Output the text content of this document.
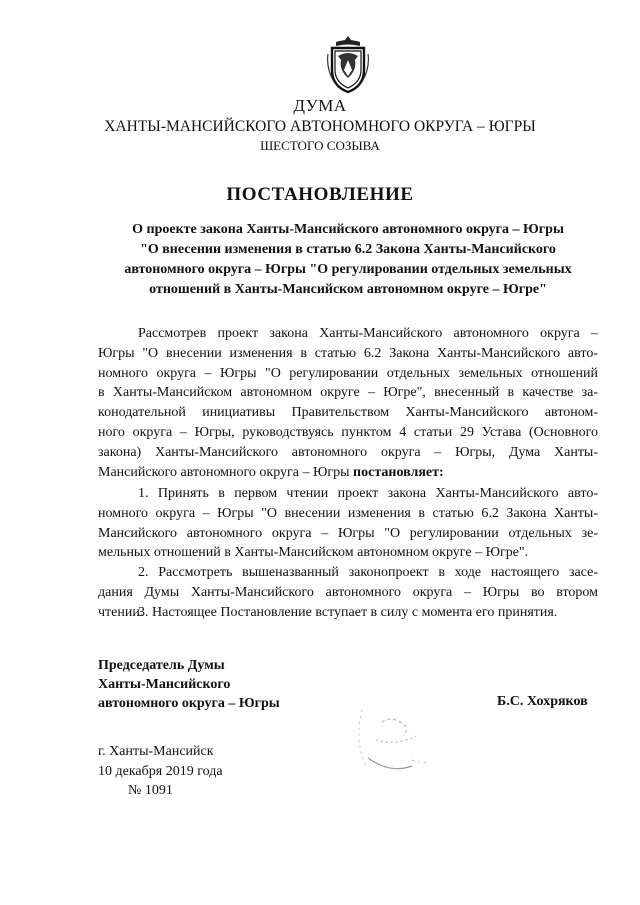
ДУМА
ХАНТЫ-МАНСИЙСКОГО АВТОНОМНОГО ОКРУГА – ЮГРЫ
ШЕСТОГО СОЗЫВА
ПОСТАНОВЛЕНИЕ
О проекте закона Ханты-Мансийского автономного округа – Югры
"О внесении изменения в статью 6.2 Закона Ханты-Мансийского
автономного округа – Югры "О регулировании отдельных земельных
отношений в Ханты-Мансийском автономном округе – Югре"
Рассмотрев проект закона Ханты-Мансийского автономного округа –
Югры "О внесении изменения в статью 6.2 Закона Ханты-Мансийского авто-
номного округа – Югры "О регулировании отдельных земельных отношений
в Ханты-Мансийском автономном округе – Югре", внесенный в качестве за-
конодательной инициативы Правительством Ханты-Мансийского автоном-
ного округа – Югры, руководствуясь пунктом 4 статьи 29 Устава (Основного
закона) Ханты-Мансийского автономного округа – Югры, Дума Ханты-
Мансийского автономного округа – Югры постановляет:
1. Принять в первом чтении проект закона Ханты-Мансийского авто-
номного округа – Югры "О внесении изменения в статью 6.2 Закона Ханты-
Мансийского автономного округа – Югры "О регулировании отдельных зе-
мельных отношений в Ханты-Мансийском автономном округе – Югре".
2. Рассмотреть вышеназванный законопроект в ходе настоящего засе-
дания Думы Ханты-Мансийского автономного округа – Югры во втором
чтении.
3. Настоящее Постановление вступает в силу с момента его принятия.
Председатель Думы
Ханты-Мансийского
автономного округа – Югры	Б.С. Хохряков
г. Ханты-Мансийск
10 декабря 2019 года
№ 1091
